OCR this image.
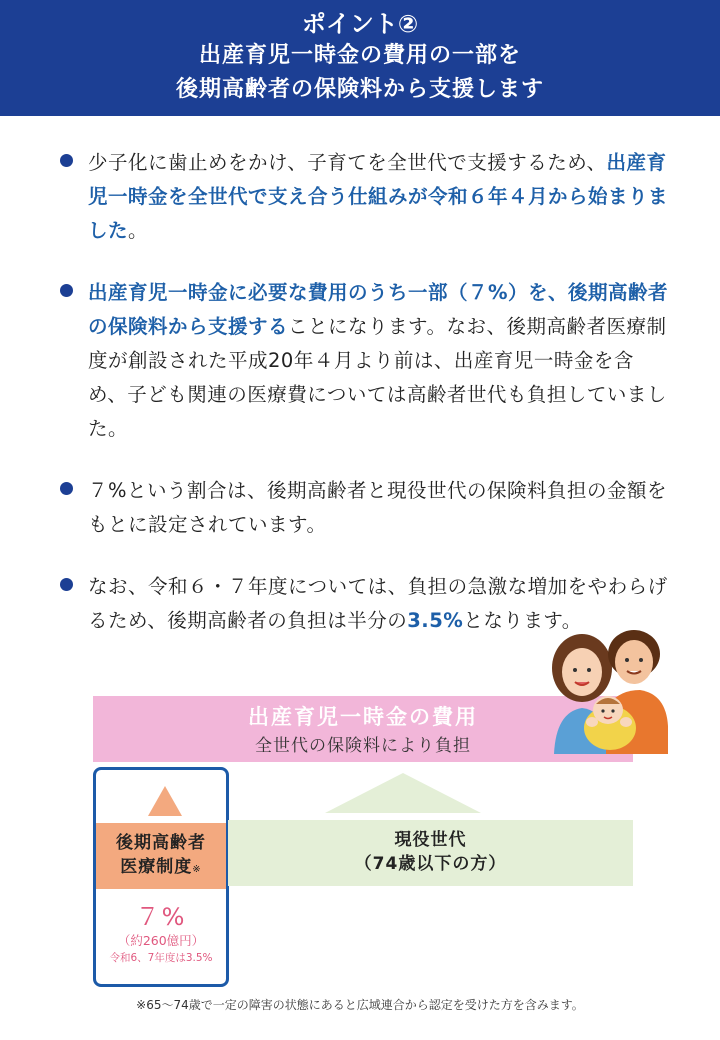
ポイント②
出産育児一時金の費用の一部を
後期高齢者の保険料から支援します
少子化に歯止めをかけ、子育てを全世代で支援するため、出産育児一時金を全世代で支え合う仕組みが令和６年４月から始まりました。
出産育児一時金に必要な費用のうち一部（７%）を、後期高齢者の保険料から支援することになります。なお、後期高齢者医療制度が創設された平成20年４月より前は、出産育児一時金を含め、子ども関連の医療費については高齢者世代も負担していました。
７%という割合は、後期高齢者と現役世代の保険料負担の金額をもとに設定されています。
なお、令和６・７年度については、負担の急激な増加をやわらげるため、後期高齢者の負担は半分の3.5%となります。
出産育児一時金の費用
全世代の保険料により負担
後期高齢者
医療制度※
７%
（約260億円）
令和6、7年度は3.5%
現役世代
（74歳以下の方）
※65～74歳で一定の障害の状態にあると広域連合から認定を受けた方を含みます。
